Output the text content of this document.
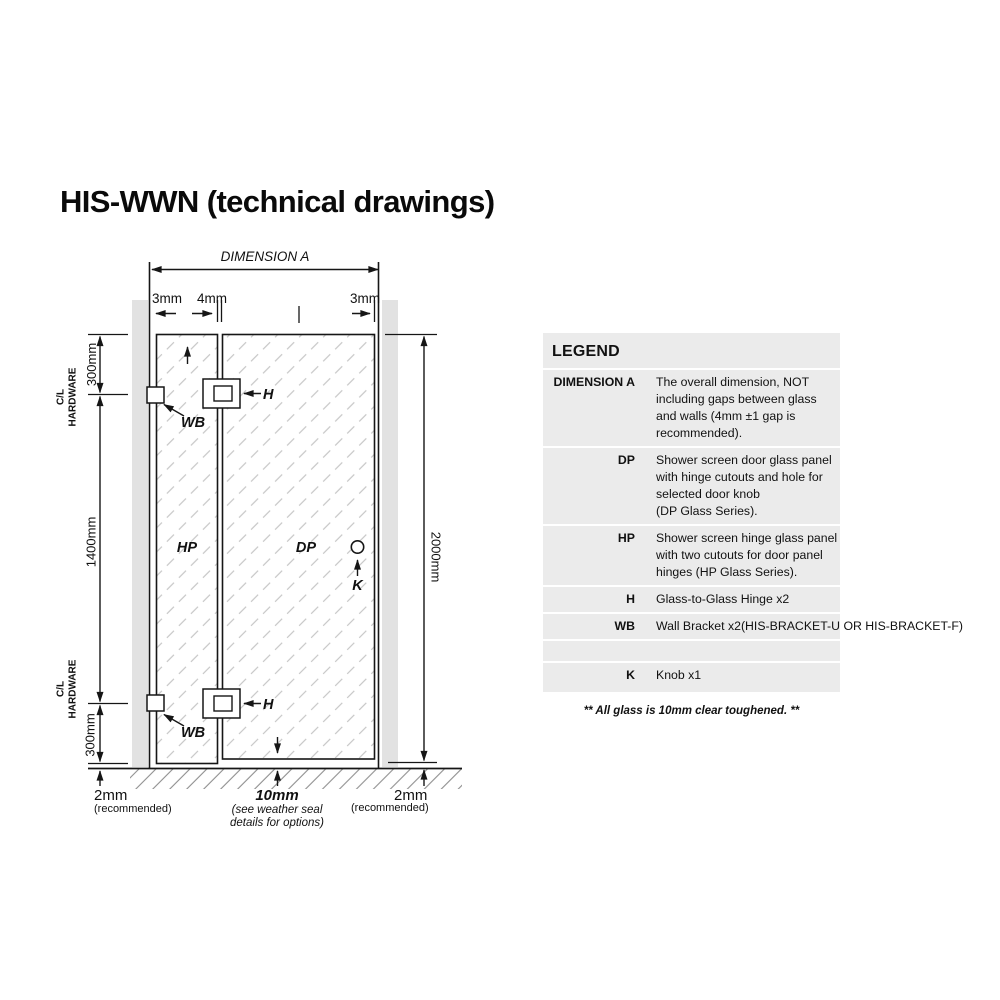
HIS-WWN (technical drawings)
DIMENSION A
3mm 4mm	3mm
300mm
C/L HARDWARE
1400mm
C/L HARDWARE
300mm
2000mm
H
H
WB
WB
HP	DP
K
2mm
(recommended)
10mm
(see weather seal
details for options)
2mm
(recommended)
LEGEND
DIMENSION A The overall dimension, NOT
including gaps between glass
and walls (4mm ±1 gap is
recommended).
DP Shower screen door glass panel
with hinge cutouts and hole for
selected door knob
(DP Glass Series).
HP Shower screen hinge glass panel
with two cutouts for door panel
hinges (HP Glass Series).
H Glass-to-Glass Hinge x2
WB Wall Bracket x2(HIS-BRACKET-U OR HIS-BRACKET-F)
K Knob x1
** All glass is 10mm clear toughened. **
